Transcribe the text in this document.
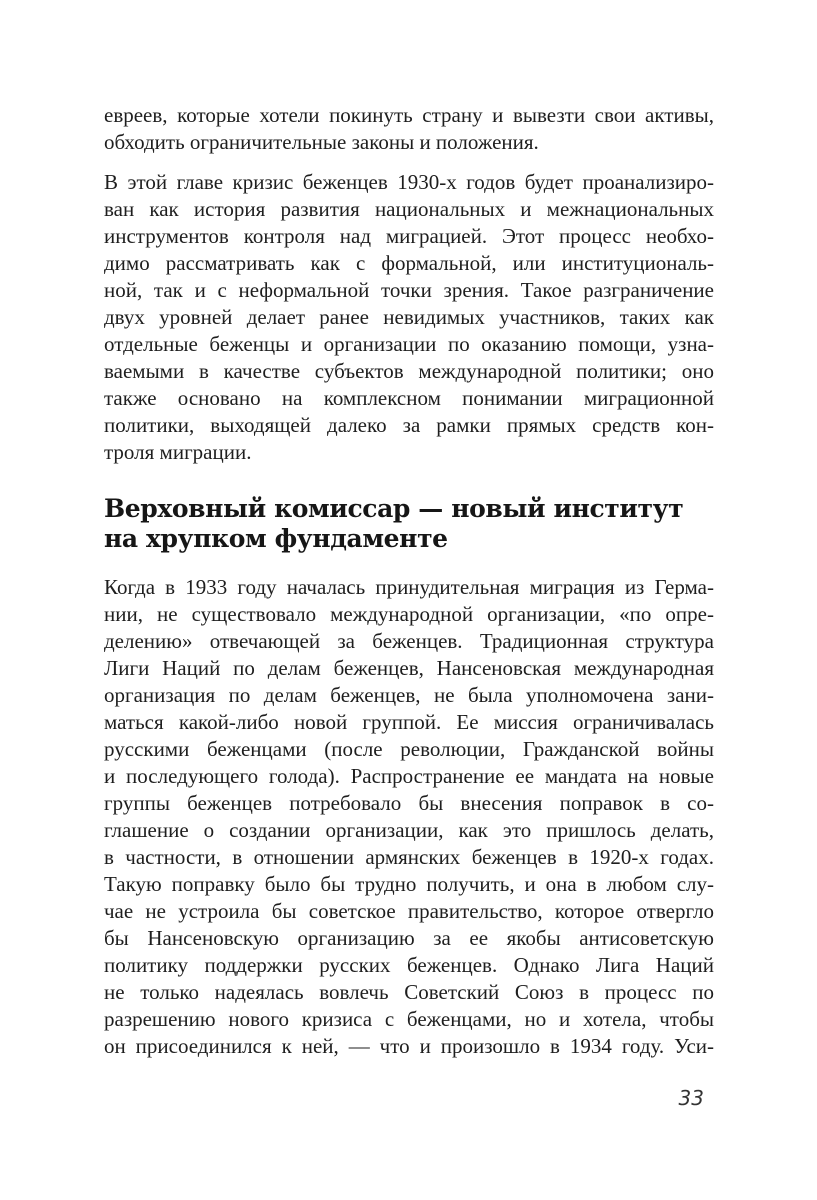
евреев, которые хотели покинуть страну и вывезти свои активы,
обходить ограничительные законы и положения.

В этой главе кризис беженцев 1930-х годов будет проанализиро-
ван как история развития национальных и межнациональных
инструментов контроля над миграцией. Этот процесс необхо-
димо рассматривать как с формальной, или институциональ-
ной, так и с неформальной точки зрения. Такое разграничение
двух уровней делает ранее невидимых участников, таких как
отдельные беженцы и организации по оказанию помощи, узна-
ваемыми в качестве субъектов международной политики; оно
также основано на комплексном понимании миграционной
политики, выходящей далеко за рамки прямых средств кон-
троля миграции.

Верховный комиссар — новый институт
на хрупком фундаменте

Когда в 1933 году началась принудительная миграция из Герма-
нии, не существовало международной организации, «по опре-
делению» отвечающей за беженцев. Традиционная структура
Лиги Наций по делам беженцев, Нансеновская международная
организация по делам беженцев, не была уполномочена зани-
маться какой-либо новой группой. Ее миссия ограничивалась
русскими беженцами (после революции, Гражданской войны
и последующего голода). Распространение ее мандата на новые
группы беженцев потребовало бы внесения поправок в со-
глашение о создании организации, как это пришлось делать,
в частности, в отношении армянских беженцев в 1920-х годах.
Такую поправку было бы трудно получить, и она в любом слу-
чае не устроила бы советское правительство, которое отвергло
бы Нансеновскую организацию за ее якобы антисоветскую
политику поддержки русских беженцев. Однако Лига Наций
не только надеялась вовлечь Советский Союз в процесс по
разрешению нового кризиса с беженцами, но и хотела, чтобы
он присоединился к ней, — что и произошло в 1934 году. Уси-

33
